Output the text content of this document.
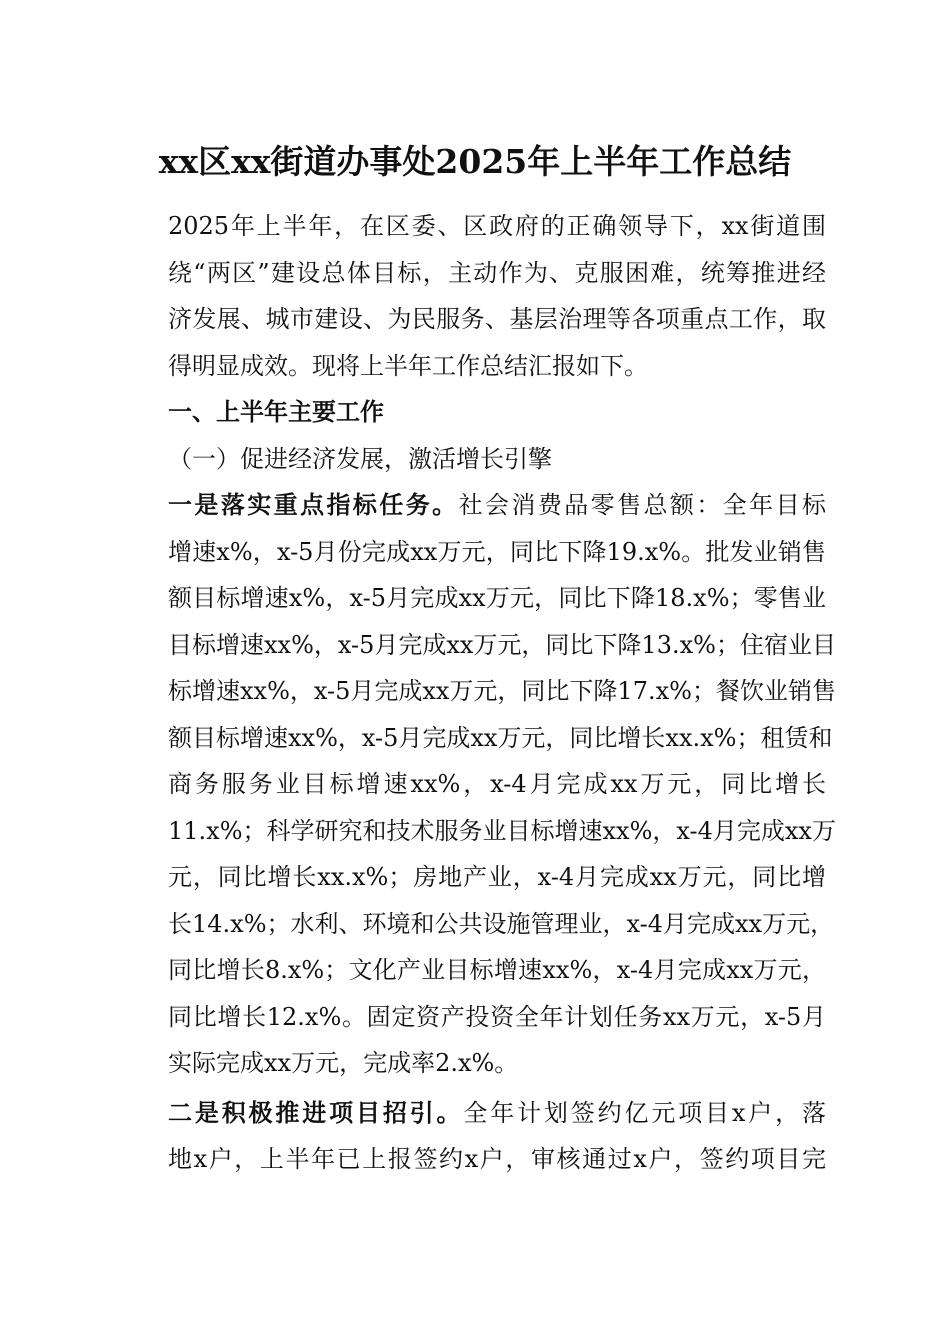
xx区xx街道办事处2025年上半年工作总结
2025年上半年，在区委、区政府的正确领导下，xx街道围
绕“两区”建设总体目标，主动作为、克服困难，统筹推进经
济发展、城市建设、为民服务、基层治理等各项重点工作，取
得明显成效。现将上半年工作总结汇报如下。
一、上半年主要工作
（一）促进经济发展，激活增长引擎
一是落实重点指标任务。社会消费品零售总额：全年目标
增速x%，x-5月份完成xx万元，同比下降19.x%。批发业销售
额目标增速x%，x-5月完成xx万元，同比下降18.x%；零售业
目标增速xx%，x-5月完成xx万元，同比下降13.x%；住宿业目
标增速xx%，x-5月完成xx万元，同比下降17.x%；餐饮业销售
额目标增速xx%，x-5月完成xx万元，同比增长xx.x%；租赁和
商务服务业目标增速xx%，x-4月完成xx万元，同比增长
11.x%；科学研究和技术服务业目标增速xx%，x-4月完成xx万
元，同比增长xx.x%；房地产业，x-4月完成xx万元，同比增
长14.x%；水利、环境和公共设施管理业，x-4月完成xx万元，
同比增长8.x%；文化产业目标增速xx%，x-4月完成xx万元，
同比增长12.x%。固定资产投资全年计划任务xx万元，x-5月
实际完成xx万元，完成率2.x%。
二是积极推进项目招引。全年计划签约亿元项目x户，落
地x户，上半年已上报签约x户，审核通过x户，签约项目完
